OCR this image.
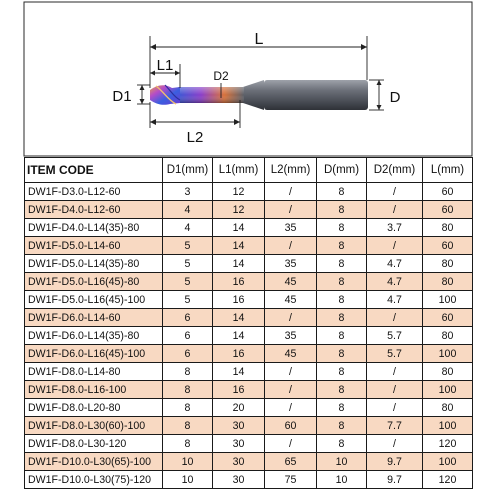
L
L1
D2
L2
D1	D
ITEM CODE	D1(mm)	L1(mm)	L2(mm)	D(mm)	D2(mm)	L(mm)
DW1F-D3.0-L12-60	3	12	/	8	/	60
DW1F-D4.0-L12-60	4	12	/	8	/	60
DW1F-D4.0-L14(35)-80	4	14	35	8	3.7	80
DW1F-D5.0-L14-60	5	14	/	8	/	60
DW1F-D5.0-L14(35)-80	5	14	35	8	4.7	80
DW1F-D5.0-L16(45)-80	5	16	45	8	4.7	80
DW1F-D5.0-L16(45)-100	5	16	45	8	4.7	100
DW1F-D6.0-L14-60	6	14	/	8	/	60
DW1F-D6.0-L14(35)-80	6	14	35	8	5.7	80
DW1F-D6.0-L16(45)-100	6	16	45	8	5.7	100
DW1F-D8.0-L14-80	8	14	/	8	/	80
DW1F-D8.0-L16-100	8	16	/	8	/	100
DW1F-D8.0-L20-80	8	20	/	8	/	80
DW1F-D8.0-L30(60)-100	8	30	60	8	7.7	100
DW1F-D8.0-L30-120	8	30	/	8	/	120
DW1F-D10.0-L30(65)-100	10	30	65	10	9.7	100
DW1F-D10.0-L30(75)-120	10	30	75	10	9.7	120
